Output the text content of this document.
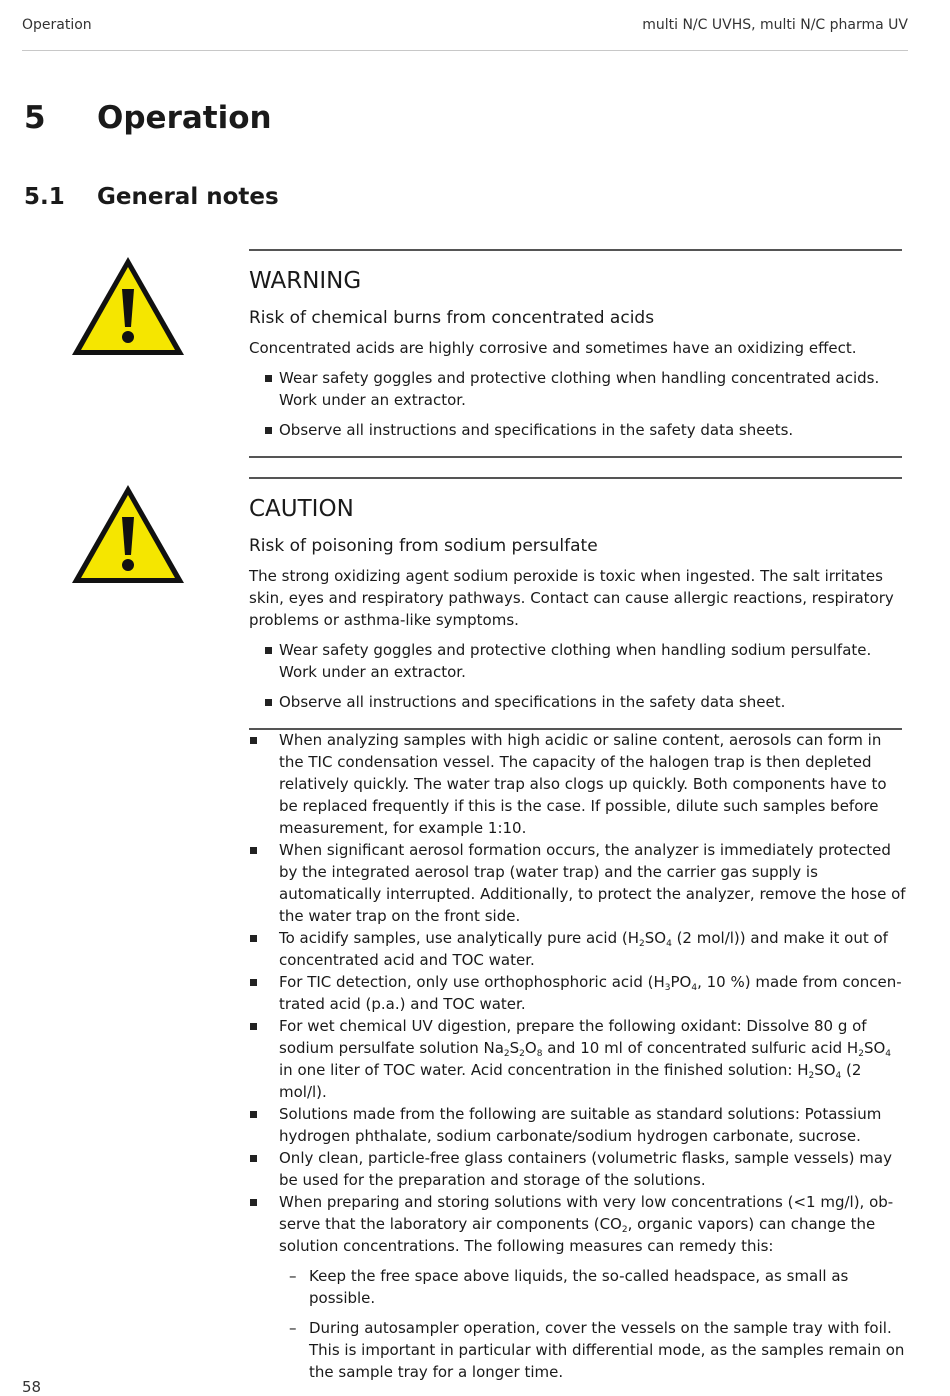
Operation	multi N/C UVHS, multi N/C pharma UV
5 Operation
5.1 General notes
WARNING
Risk of chemical burns from concentrated acids

Concentrated acids are highly corrosive and sometimes have an oxidizing effect.

Wear safety goggles and protective clothing when handling concentrated acids. Work under an extractor.
Observe all instructions and specifications in the safety data sheets.
CAUTION
Risk of poisoning from sodium persulfate

The strong oxidizing agent sodium peroxide is toxic when ingested. The salt irritates skin, eyes and respiratory pathways. Contact can cause allergic reactions, respiratory problems or asthma-like symptoms.

Wear safety goggles and protective clothing when handling sodium persulfate. Work under an extractor.
Observe all instructions and specifications in the safety data sheet.
When analyzing samples with high acidic or saline content, aerosols can form in the TIC condensation vessel. The capacity of the halogen trap is then depleted relatively quickly. The water trap also clogs up quickly. Both components have to be replaced frequently if this is the case. If possible, dilute such samples before measurement, for example 1:10.
When significant aerosol formation occurs, the analyzer is immediately protected by the integrated aerosol trap (water trap) and the carrier gas supply is automatically interrupted. Additionally, to protect the analyzer, remove the hose of the water trap on the front side.
To acidify samples, use analytically pure acid ($H_2SO_4$ (2 mol/l)) and make it out of concentrated acid and TOC water.
For TIC detection, only use orthophosphoric acid ($H_3PO_4$, 10 %) made from concentrated acid (p.a.) and TOC water.
For wet chemical UV digestion, prepare the following oxidant: Dissolve 80 g of sodium persulfate solution $Na_2S_2O_8$ and 10 ml of concentrated sulfuric acid $H_2SO_4$ in one liter of TOC water. Acid concentration in the finished solution: $H_2SO_4$ (2 mol/l).
Solutions made from the following are suitable as standard solutions: Potassium hydrogen phthalate, sodium carbonate/sodium hydrogen carbonate, sucrose.
Only clean, particle-free glass containers (volumetric flasks, sample vessels) may be used for the preparation and storage of the solutions.
When preparing and storing solutions with very low concentrations (<1 mg/l), observe that the laboratory air components ($CO_2$, organic vapors) can change the solution concentrations. The following measures can remedy this:
– Keep the free space above liquids, the so-called headspace, as small as possible.
– During autosampler operation, cover the vessels on the sample tray with foil. This is important in particular with differential mode, as the samples remain on the sample tray for a longer time.
58
